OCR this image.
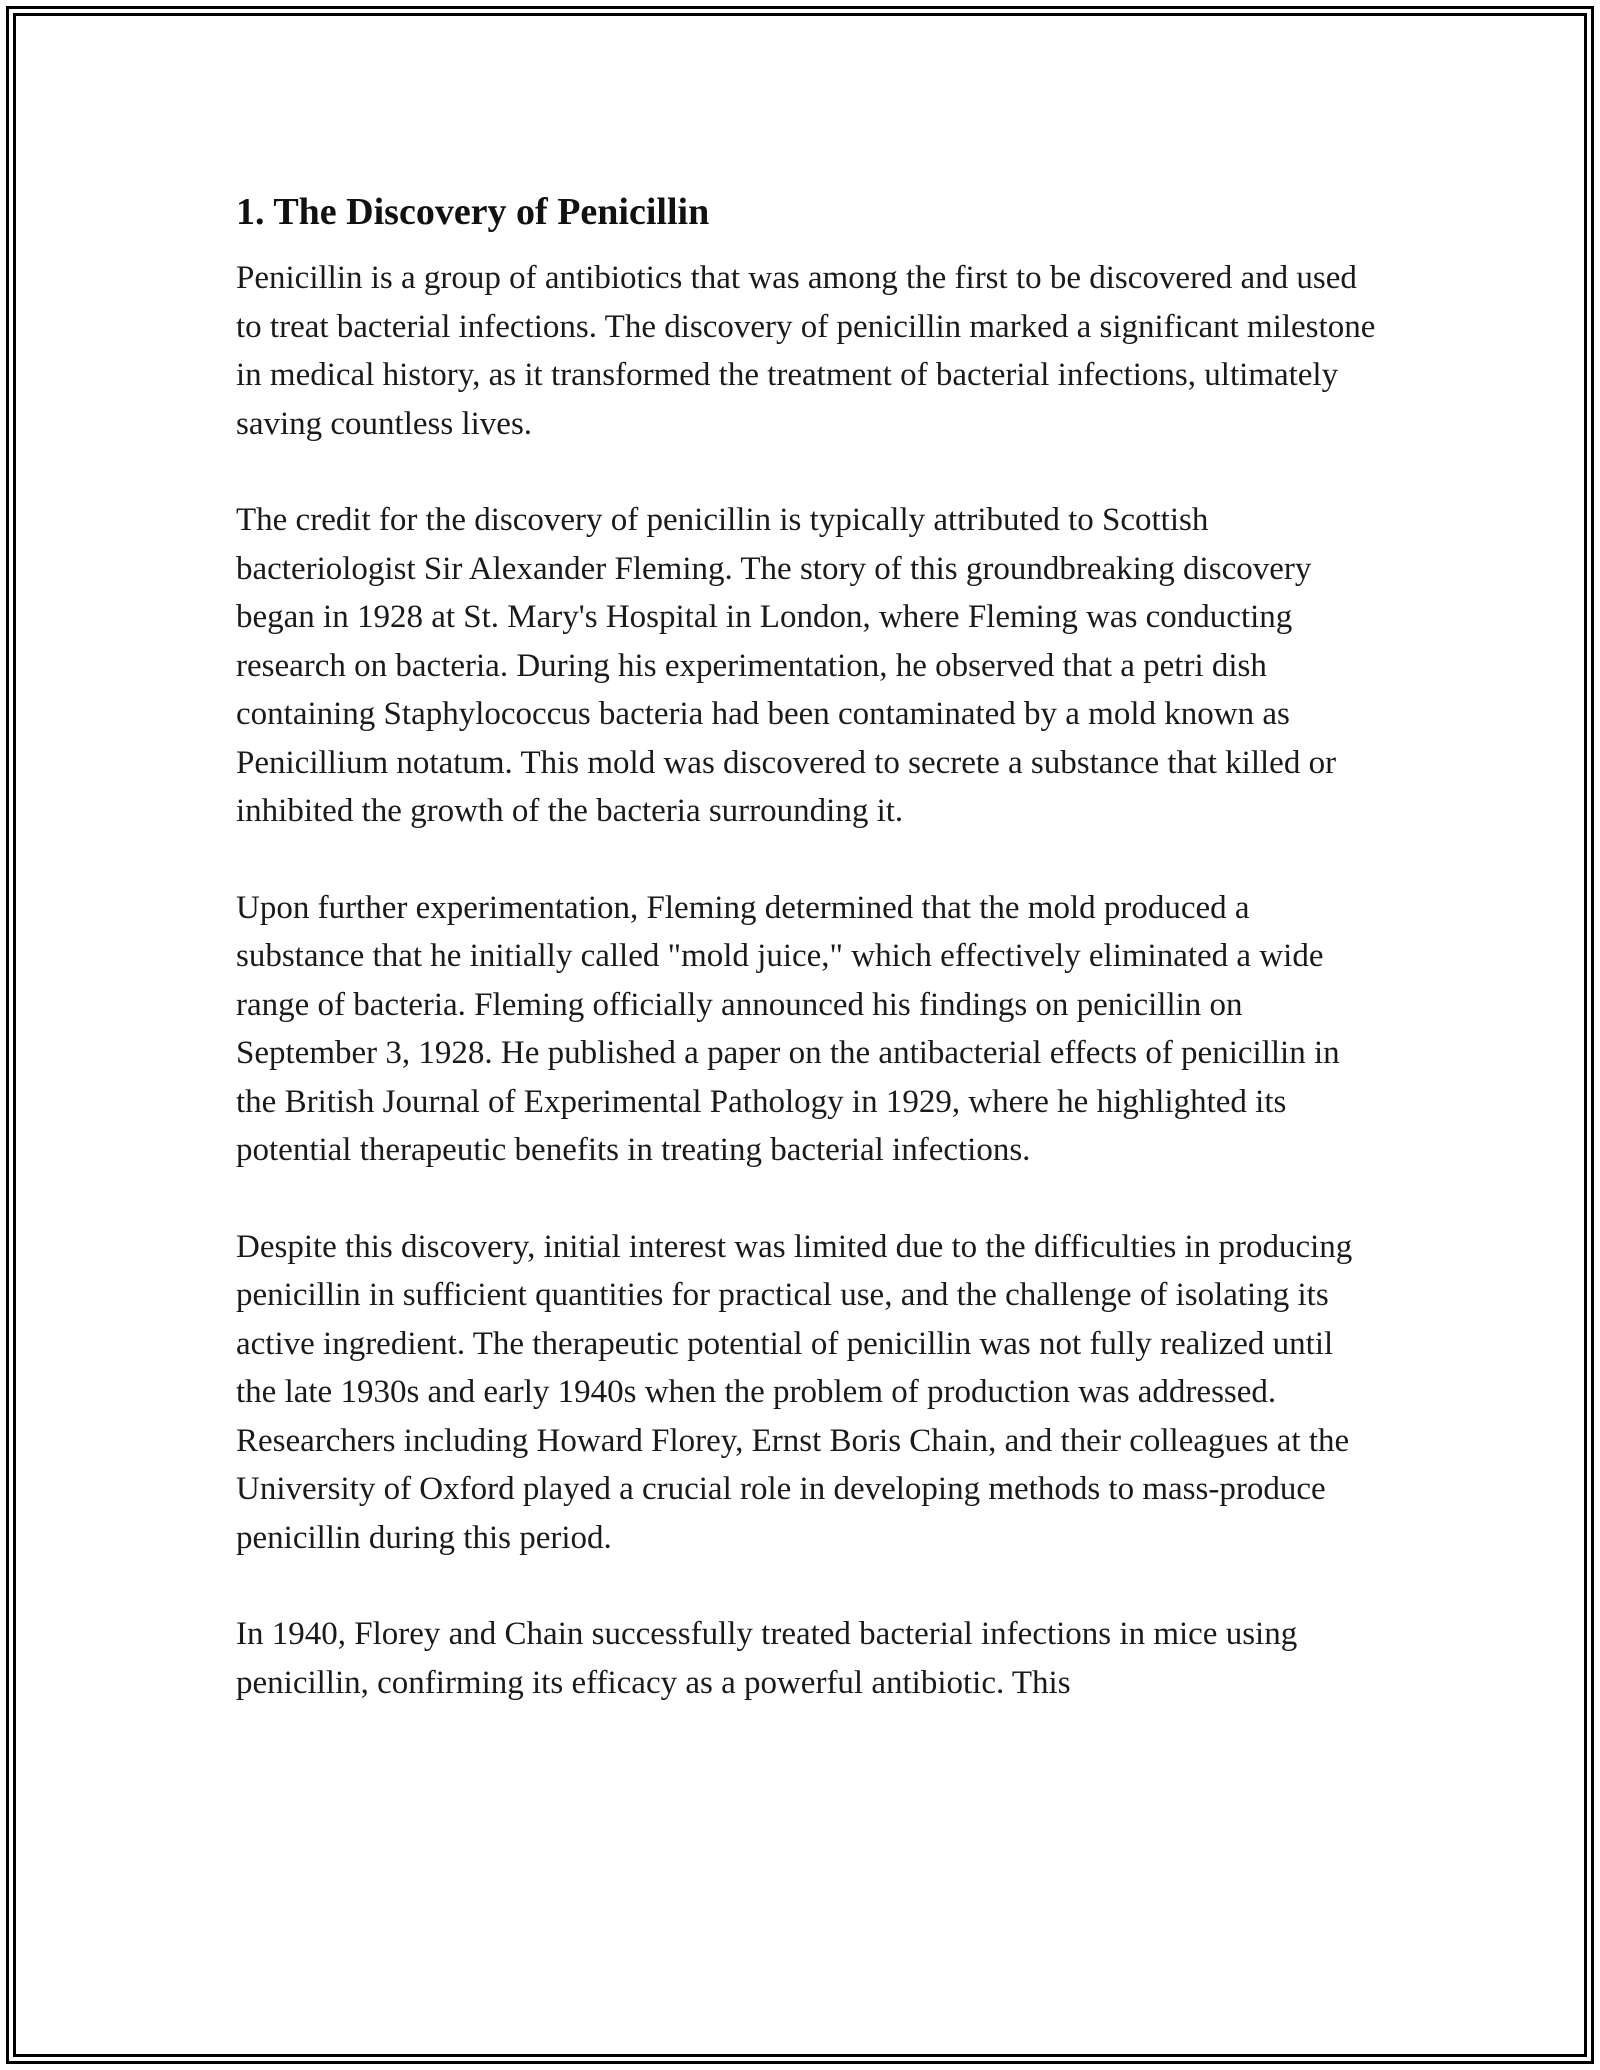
1. The Discovery of Penicillin

Penicillin is a group of antibiotics that was among the first to be discovered and used to treat bacterial infections. The discovery of penicillin marked a significant milestone in medical history, as it transformed the treatment of bacterial infections, ultimately saving countless lives.

The credit for the discovery of penicillin is typically attributed to Scottish bacteriologist Sir Alexander Fleming. The story of this groundbreaking discovery began in 1928 at St. Mary's Hospital in London, where Fleming was conducting research on bacteria. During his experimentation, he observed that a petri dish containing Staphylococcus bacteria had been contaminated by a mold known as Penicillium notatum. This mold was discovered to secrete a substance that killed or inhibited the growth of the bacteria surrounding it.

Upon further experimentation, Fleming determined that the mold produced a substance that he initially called "mold juice," which effectively eliminated a wide range of bacteria. Fleming officially announced his findings on penicillin on September 3, 1928. He published a paper on the antibacterial effects of penicillin in the British Journal of Experimental Pathology in 1929, where he highlighted its potential therapeutic benefits in treating bacterial infections.

Despite this discovery, initial interest was limited due to the difficulties in producing penicillin in sufficient quantities for practical use, and the challenge of isolating its active ingredient. The therapeutic potential of penicillin was not fully realized until the late 1930s and early 1940s when the problem of production was addressed. Researchers including Howard Florey, Ernst Boris Chain, and their colleagues at the University of Oxford played a crucial role in developing methods to mass-produce penicillin during this period.

In 1940, Florey and Chain successfully treated bacterial infections in mice using penicillin, confirming its efficacy as a powerful antibiotic. This
